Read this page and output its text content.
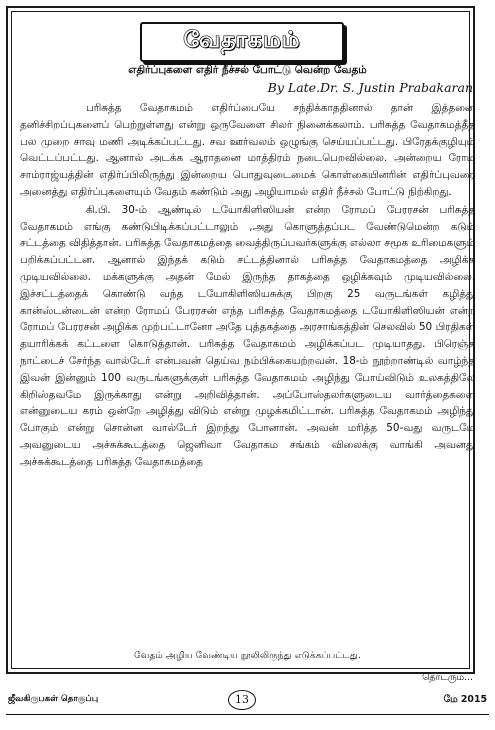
வேதாகமம்
எதிர்ப்புகளை எதிர் நீச்சல் போட்டு வென்ற வேதம்
By Late.Dr. S. Justin Prabakaran

பரிசுத்த வேதாகமம் எதிர்ப்பையே சந்திக்காததினால் தான் இத்தனை தனிச்சிறப்புகளைப் பெற்றுள்ளது என்று ஒருவேளை சிலர் நினைக்கலாம். பரிசுத்த வேதாகமத்தீத பல முறை சாவு மணி அடிக்கப்பட்டது. சவ ஊர்வலம் ஒழுங்கு செய்யப்பட்டது. பிரேதக்குழியும் வெட்டப்பட்டது. ஆனால் அடக்க ஆராதனை மாத்திரம் நடைபெறவில்லை. அன்றைய ரோம சாம்ராஜ்யத்தின் எதிர்ப்பிலிருந்து இன்றைய பொதுவுடைமைக் கொள்கையினரின் எதிர்ப்புவரை அனைத்து எதிர்ப்புகளையும் வேதம் கண்டும் அது அழியாமல் எதிர் நீச்சல் போட்டு நிற்கிறது.

கி.பி. 30-ம் ஆண்டில் டயோகிளிஸியன் என்ற ரோமப் பேரரசன் பரிசுத்த வேதாகமம் எங்கு கண்டுபிடிக்கப்பட்டாலும் ,அது கொளுத்தப்பட வேண்டுமென்ற கடும் சட்டத்தை விதித்தான். பரிசுத்த வேதாகமத்தை வைத்திருப்பவர்களுக்கு எல்லா சமூக உரிமைகளும் பறிக்கப்பட்டன. ஆனால் இந்தக் கடும் சட்டத்தினால் பரிசுத்த வேதாகமத்தை அழிக்க முடியவில்லை. மக்களுக்கு அதன் மேல் இருந்த தாகத்தை ஒழிக்கவும் முடியவில்லை. இச்சட்டத்தைக் கொண்டு வந்த டயோகிளிஸியசுக்கு பிறகு 25 வருடங்கள் கழித்து கான்ஸ்டன்டைன் என்ற ரோமப் பேரரசன் எந்த பரிசுத்த வேதாகமத்தை டயோகிளிஸியன் என்ற ரோமப் பேரரசன் அழிக்க முற்பட்டானோ அதே புத்தகத்தை அரசாங்கத்தின் செலவில் 50 பிரதிகள் தயாரிக்கக் கட்டளை கொடுத்தான். பரிசுத்த வேதாகமம் அழிக்கப்பட முடியாதது. பிரெஞ்சு நாட்டைச் சேர்ந்த வால்டேர் என்பவன் தெய்வ நம்பிக்கையற்றவன். 18-ம் நூற்றாண்டில் வாழ்ந்த இவன் இன்னும் 100 வருடங்களுக்குள் பரிசுத்த வேதாகமம் அழிந்து போய்விடும் உலகத்திலே கிறிஸ்தவமே இருக்காது என்று அறிவித்தான். அப்போஸ்தலர்களுடைய வார்த்தைகளை என்னுடைய கரம் ஒன்றே அழித்து விடும் என்று முழக்கமிட்டான். பரிசுத்த வேதாகமம் அழிந்து போகும் என்று சொன்ன வால்டேர் இறந்து போனான். அவன் மரித்த 50-வது வருடமே அவனுடைய அச்சுக்கூடத்தை ஜெனிவா வேதாகம சங்கம் விலைக்கு வாங்கி அவனது அச்சுக்கூடத்தை பரிசுத்த வேதாகமத்தை

வேதம் அழிய வேண்டிய நூலிலிருந்து எடுக்கப்பட்டது.
தொடரும்...
ஜீவகிருபகள் தொகுப்பு	13	மே 2015
